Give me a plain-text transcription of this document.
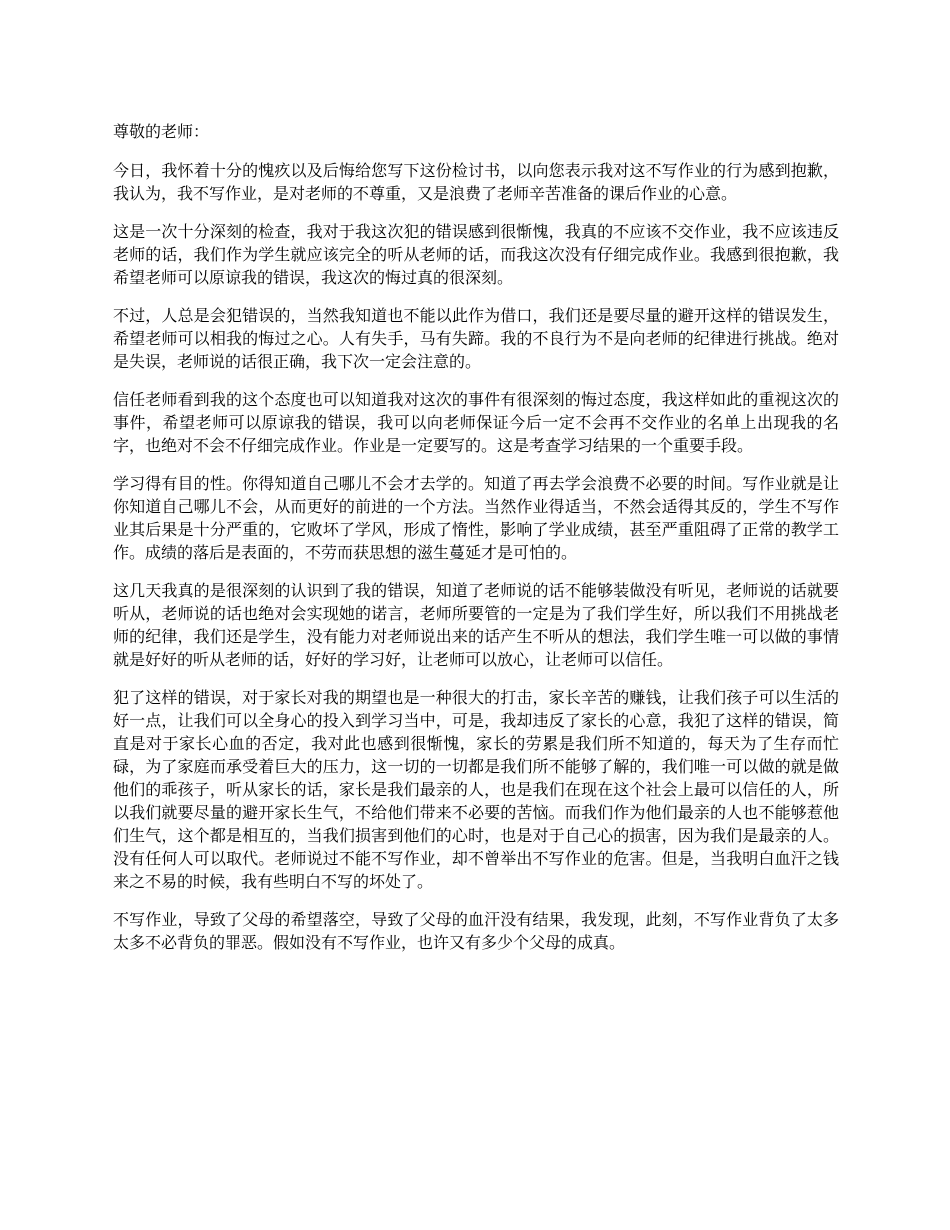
尊敬的老师：

今日，我怀着十分的愧疚以及后悔给您写下这份检讨书，以向您表示我对这不写作业的行为感到抱歉，我认为，我不写作业，是对老师的不尊重，又是浪费了老师辛苦准备的课后作业的心意。

这是一次十分深刻的检查，我对于我这次犯的错误感到很惭愧，我真的不应该不交作业，我不应该违反老师的话，我们作为学生就应该完全的听从老师的话，而我这次没有仔细完成作业。我感到很抱歉，我希望老师可以原谅我的错误，我这次的悔过真的很深刻。

不过，人总是会犯错误的，当然我知道也不能以此作为借口，我们还是要尽量的避开这样的错误发生，希望老师可以相我的悔过之心。人有失手，马有失蹄。我的不良行为不是向老师的纪律进行挑战。绝对是失误，老师说的话很正确，我下次一定会注意的。

信任老师看到我的这个态度也可以知道我对这次的事件有很深刻的悔过态度，我这样如此的重视这次的事件，希望老师可以原谅我的错误，我可以向老师保证今后一定不会再不交作业的名单上出现我的名字，也绝对不会不仔细完成作业。作业是一定要写的。这是考查学习结果的一个重要手段。

学习得有目的性。你得知道自己哪儿不会才去学的。知道了再去学会浪费不必要的时间。写作业就是让你知道自己哪儿不会，从而更好的前进的一个方法。当然作业得适当，不然会适得其反的，学生不写作业其后果是十分严重的，它败坏了学风，形成了惰性，影响了学业成绩，甚至严重阻碍了正常的教学工作。成绩的落后是表面的，不劳而获思想的滋生蔓延才是可怕的。

这几天我真的是很深刻的认识到了我的错误，知道了老师说的话不能够装做没有听见，老师说的话就要听从，老师说的话也绝对会实现她的诺言，老师所要管的一定是为了我们学生好，所以我们不用挑战老师的纪律，我们还是学生，没有能力对老师说出来的话产生不听从的想法，我们学生唯一可以做的事情就是好好的听从老师的话，好好的学习好，让老师可以放心，让老师可以信任。

犯了这样的错误，对于家长对我的期望也是一种很大的打击，家长辛苦的赚钱，让我们孩子可以生活的好一点，让我们可以全身心的投入到学习当中，可是，我却违反了家长的心意，我犯了这样的错误，简直是对于家长心血的否定，我对此也感到很惭愧，家长的劳累是我们所不知道的，每天为了生存而忙碌，为了家庭而承受着巨大的压力，这一切的一切都是我们所不能够了解的，我们唯一可以做的就是做他们的乖孩子，听从家长的话，家长是我们最亲的人，也是我们在现在这个社会上最可以信任的人，所以我们就要尽量的避开家长生气，不给他们带来不必要的苦恼。而我们作为他们最亲的人也不能够惹他们生气，这个都是相互的，当我们损害到他们的心时，也是对于自己心的损害，因为我们是最亲的人。没有任何人可以取代。老师说过不能不写作业，却不曾举出不写作业的危害。但是，当我明白血汗之钱来之不易的时候，我有些明白不写的坏处了。

不写作业，导致了父母的希望落空，导致了父母的血汗没有结果，我发现，此刻，不写作业背负了太多太多不必背负的罪恶。假如没有不写作业，也许又有多少个父母的成真。
